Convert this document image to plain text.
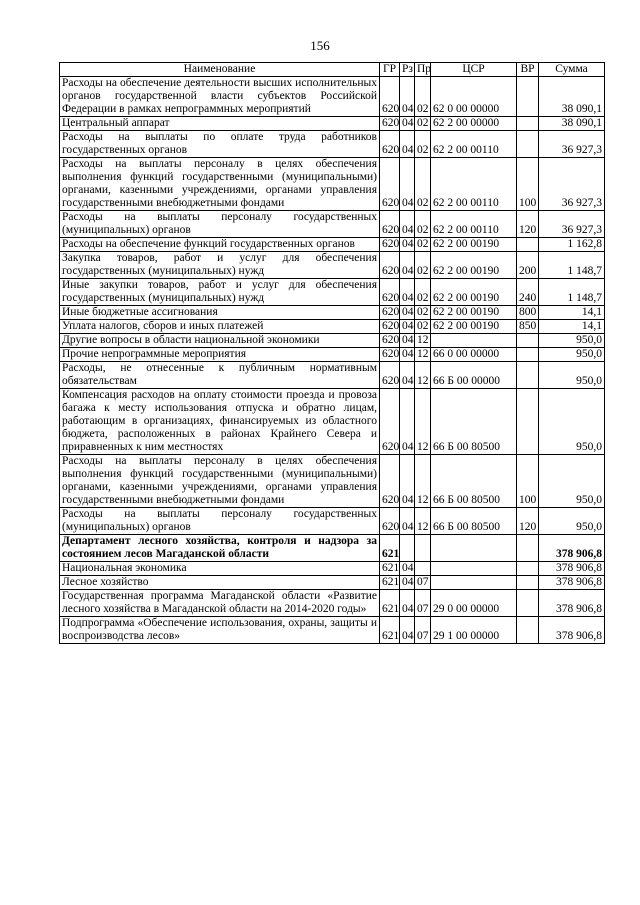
156
Наименование	ГР	Рз	Пр	ЦСР	ВР	Сумма
Расходы на обеспечение деятельности высших исполнительных органов государственной власти субъектов Российской Федерации в рамках непрограммных мероприятий	620	04	02	62 0 00 00000		38 090,1
Центральный аппарат	620	04	02	62 2 00 00000		38 090,1
Расходы на выплаты по оплате труда работников государственных органов	620	04	02	62 2 00 00110		36 927,3
Расходы на выплаты персоналу в целях обеспечения выполнения функций государственными (муниципальными) органами, казенными учреждениями, органами управления государственными внебюджетными фондами	620	04	02	62 2 00 00110	100	36 927,3
Расходы на выплаты персоналу государственных (муниципальных) органов	620	04	02	62 2 00 00110	120	36 927,3
Расходы на обеспечение функций государственных органов	620	04	02	62 2 00 00190		1 162,8
Закупка товаров, работ и услуг для обеспечения государственных (муниципальных) нужд	620	04	02	62 2 00 00190	200	1 148,7
Иные закупки товаров, работ и услуг для обеспечения государственных (муниципальных) нужд	620	04	02	62 2 00 00190	240	1 148,7
Иные бюджетные ассигнования	620	04	02	62 2 00 00190	800	14,1
Уплата налогов, сборов и иных платежей	620	04	02	62 2 00 00190	850	14,1
Другие вопросы в области национальной экономики	620	04	12			950,0
Прочие непрограммные мероприятия	620	04	12	66 0 00 00000		950,0
Расходы, не отнесенные к публичным нормативным обязательствам	620	04	12	66 Б 00 00000		950,0
Компенсация расходов на оплату стоимости проезда и провоза багажа к месту использования отпуска и обратно лицам, работающим в организациях, финансируемых из областного бюджета, расположенных в районах Крайнего Севера и приравненных к ним местностях	620	04	12	66 Б 00 80500		950,0
Расходы на выплаты персоналу в целях обеспечения выполнения функций государственными (муниципальными) органами, казенными учреждениями, органами управления государственными внебюджетными фондами	620	04	12	66 Б 00 80500	100	950,0
Расходы на выплаты персоналу государственных (муниципальных) органов	620	04	12	66 Б 00 80500	120	950,0
Департамент лесного хозяйства, контроля и надзора за состоянием лесов Магаданской области	621					378 906,8
Национальная экономика	621	04				378 906,8
Лесное хозяйство	621	04	07			378 906,8
Государственная программа Магаданской области «Развитие лесного хозяйства в Магаданской области на 2014-2020 годы»	621	04	07	29 0 00 00000		378 906,8
Подпрограмма «Обеспечение использования, охраны, защиты и воспроизводства лесов»	621	04	07	29 1 00 00000		378 906,8
